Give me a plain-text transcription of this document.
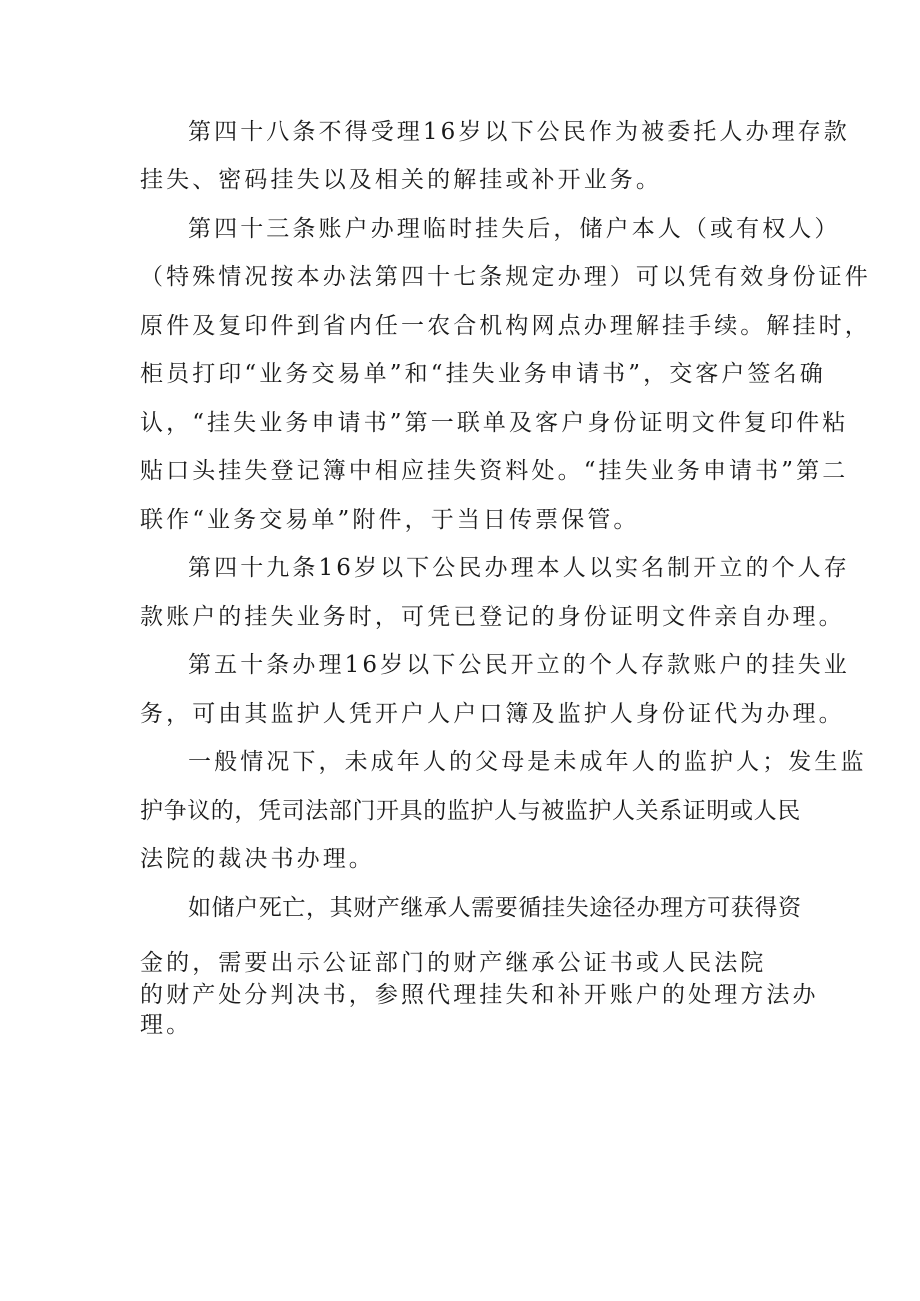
第四十八条不得受理16岁以下公民作为被委托人办理存款
挂失、密码挂失以及相关的解挂或补开业务。
第四十三条账户办理临时挂失后，储户本人（或有权人）
（特殊情况按本办法第四十七条规定办理）可以凭有效身份证件
原件及复印件到省内任一农合机构网点办理解挂手续。解挂时，
柜员打印“业务交易单”和“挂失业务申请书”，交客户签名确
认，“挂失业务申请书”第一联单及客户身份证明文件复印件粘
贴口头挂失登记簿中相应挂失资料处。“挂失业务申请书”第二
联作“业务交易单”附件，于当日传票保管。
第四十九条16岁以下公民办理本人以实名制开立的个人存
款账户的挂失业务时，可凭已登记的身份证明文件亲自办理。
第五十条办理16岁以下公民开立的个人存款账户的挂失业
务，可由其监护人凭开户人户口簿及监护人身份证代为办理。
一般情况下，未成年人的父母是未成年人的监护人；发生监
护争议的，凭司法部门开具的监护人与被监护人关系证明或人民
法院的裁决书办理。
如储户死亡，其财产继承人需要循挂失途径办理方可获得资
金的，需要出示公证部门的财产继承公证书或人民法院
的财产处分判决书，参照代理挂失和补开账户的处理方法办
理。
